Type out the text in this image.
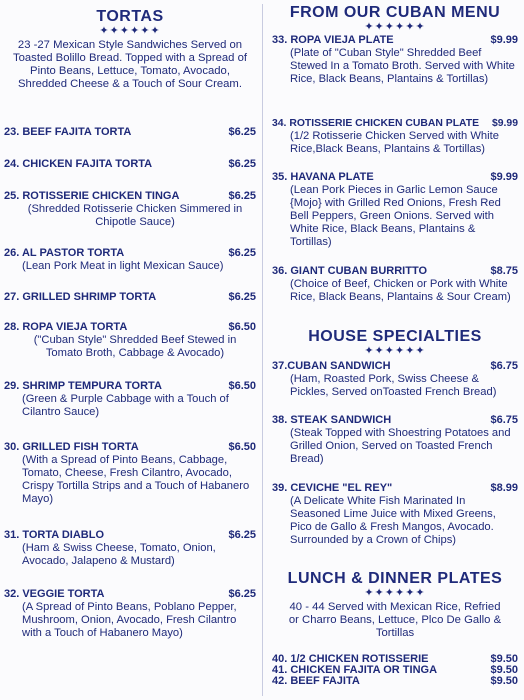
TORTAS
✦✦✦✦✦✦
23 -27 Mexican Style Sandwiches Served on Toasted Bolillo Bread. Topped with a Spread of Pinto Beans, Lettuce, Tomato, Avocado, Shredded Cheese & a Touch of Sour Cream.
23. BEEF FAJITA TORTA	$6.25
24. CHICKEN FAJITA TORTA	$6.25
25. ROTISSERIE CHICKEN TINGA	$6.25
(Shredded Rotisserie Chicken Simmered in Chipotle Sauce)
26. AL PASTOR TORTA	$6.25
(Lean Pork Meat in light Mexican Sauce)
27. GRILLED SHRIMP TORTA	$6.25
28. ROPA VIEJA TORTA	$6.50
("Cuban Style" Shredded Beef Stewed in Tomato Broth, Cabbage & Avocado)
29. SHRIMP TEMPURA TORTA	$6.50
(Green & Purple Cabbage with a Touch of Cilantro Sauce)
30. GRILLED FISH TORTA	$6.50
(With a Spread of Pinto Beans, Cabbage, Tomato, Cheese, Fresh Cilantro, Avocado, Crispy Tortilla Strips and a Touch of Habanero Mayo)
31. TORTA DIABLO	$6.25
(Ham & Swiss Cheese, Tomato, Onion, Avocado, Jalapeno & Mustard)
32. VEGGIE TORTA	$6.25
(A Spread of Pinto Beans, Poblano Pepper, Mushroom, Onion, Avocado, Fresh Cilantro with a Touch of Habanero Mayo)
FROM OUR CUBAN MENU
✦✦✦✦✦✦
33. ROPA VIEJA PLATE	$9.99
(Plate of "Cuban Style" Shredded Beef Stewed In a Tomato Broth. Served with White Rice, Black Beans, Plantains & Tortillas)
34. ROTISSERIE CHICKEN CUBAN PLATE $9.99
(1/2 Rotisserie Chicken Served with White Rice,Black Beans, Plantains & Tortillas)
35. HAVANA PLATE	$9.99
(Lean Pork Pieces in Garlic Lemon Sauce {Mojo} with Grilled Red Onions, Fresh Red Bell Peppers, Green Onions. Served with White Rice, Black Beans, Plantains & Tortillas)
36. GIANT CUBAN BURRITTO	$8.75
(Choice of Beef, Chicken or Pork with White Rice, Black Beans, Plantains & Sour Cream)
HOUSE SPECIALTIES
✦✦✦✦✦✦
37.CUBAN SANDWICH	$6.75
(Ham, Roasted Pork, Swiss Cheese & Pickles, Served onToasted French Bread)
38. STEAK SANDWICH	$6.75
(Steak Topped with Shoestring Potatoes and Grilled Onion, Served on Toasted French Bread)
39. CEVICHE "EL REY"	$8.99
(A Delicate White Fish Marinated In Seasoned Lime Juice with Mixed Greens, Pico de Gallo & Fresh Mangos, Avocado. Surrounded by a Crown of Chips)
LUNCH & DINNER PLATES
✦✦✦✦✦✦
40 - 44 Served with Mexican Rice, Refried or Charro Beans, Lettuce, Plco De Gallo & Tortillas
40. 1/2 CHICKEN ROTISSERIE	$9.50
41. CHICKEN FAJITA OR TINGA	$9.50
42. BEEF FAJITA	$9.50
